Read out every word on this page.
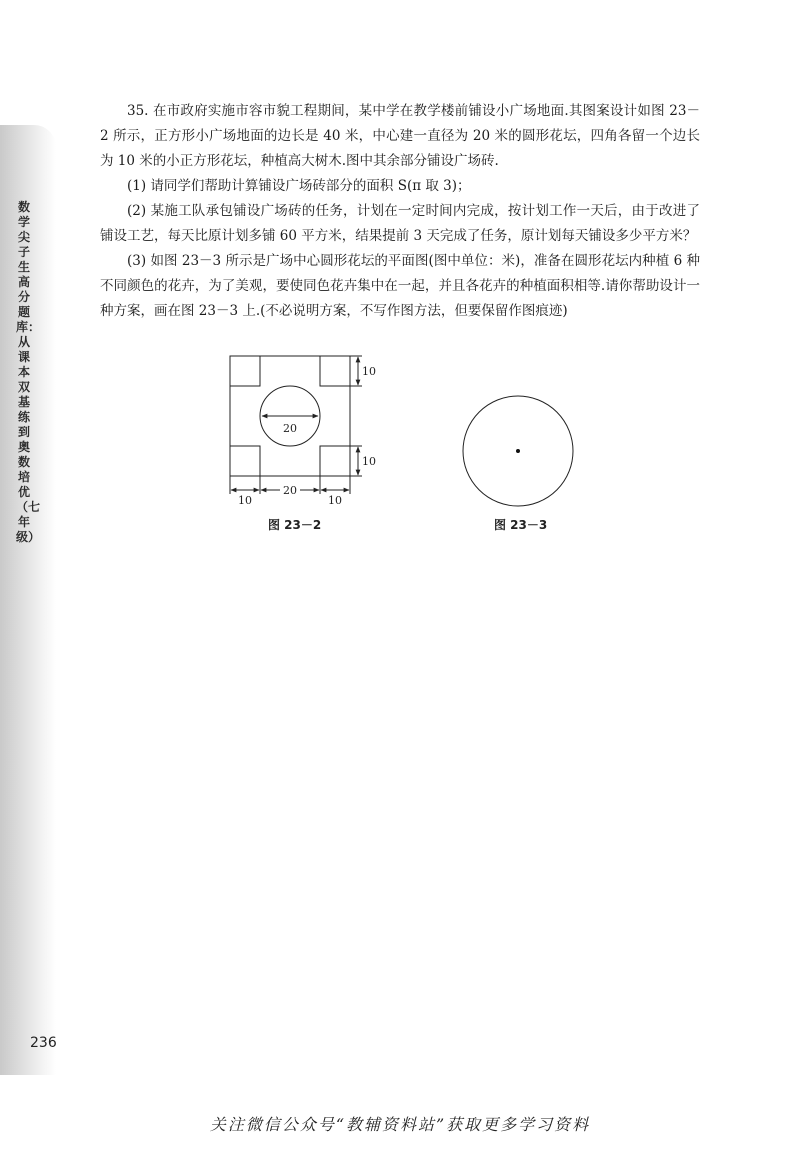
数学尖子生高分题库：从课本双基练到奥数培优（七年级）
236

35. 在市政府实施市容市貌工程期间，某中学在教学楼前铺设小广场地面.其图案设计如图 23－2 所示，正方形小广场地面的边长是 40 米，中心建一直径为 20 米的圆形花坛，四角各留一个边长为 10 米的小正方形花坛，种植高大树木.图中其余部分铺设广场砖.

(1) 请同学们帮助计算铺设广场砖部分的面积 S(π 取 3)；

(2) 某施工队承包铺设广场砖的任务，计划在一定时间内完成，按计划工作一天后，由于改进了铺设工艺，每天比原计划多铺 60 平方米，结果提前 3 天完成了任务，原计划每天铺设多少平方米？

(3) 如图 23－3 所示是广场中心圆形花坛的平面图(图中单位：米)，准备在圆形花坛内种植 6 种不同颜色的花卉，为了美观，要使同色花卉集中在一起，并且各花卉的种植面积相等.请你帮助设计一种方案，画在图 23－3 上.(不必说明方案，不写作图方法，但要保留作图痕迹)

20
10
10
10
20
10
图 23－2	图 23－3
关注微信公众号“教辅资料站”获取更多学习资料
